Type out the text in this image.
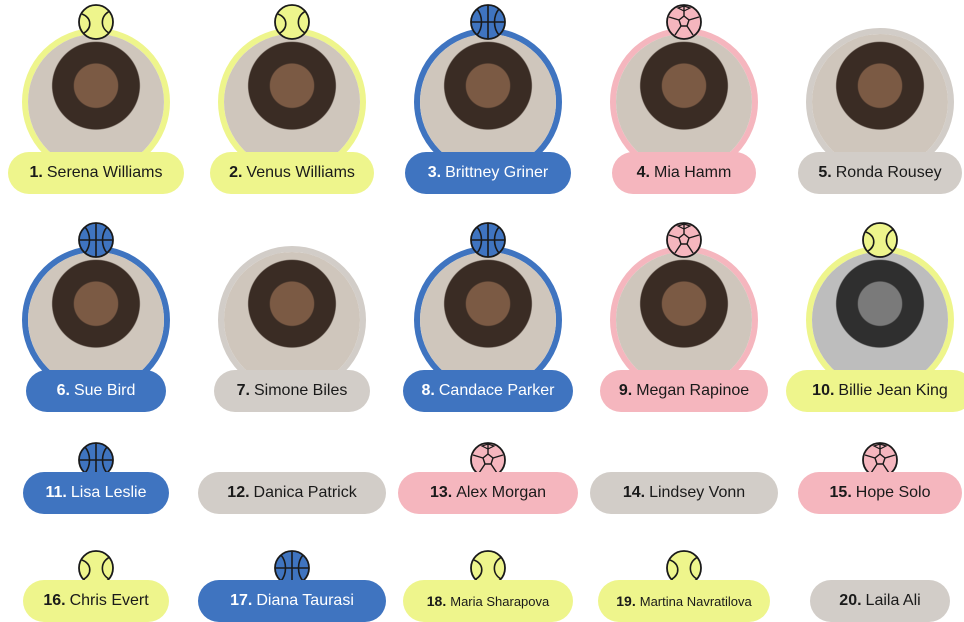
1. Serena Williams	2. Venus Williams	3. Brittney Griner	4. Mia Hamm	5. Ronda Rousey
6. Sue Bird	7. Simone Biles	8. Candace Parker	9. Megan Rapinoe	10. Billie Jean King
11. Lisa Leslie	12. Danica Patrick	13. Alex Morgan	14. Lindsey Vonn	15. Hope Solo
16. Chris Evert	17. Diana Taurasi	18. Maria Sharapova	19. Martina Navratilova	20. Laila Ali
